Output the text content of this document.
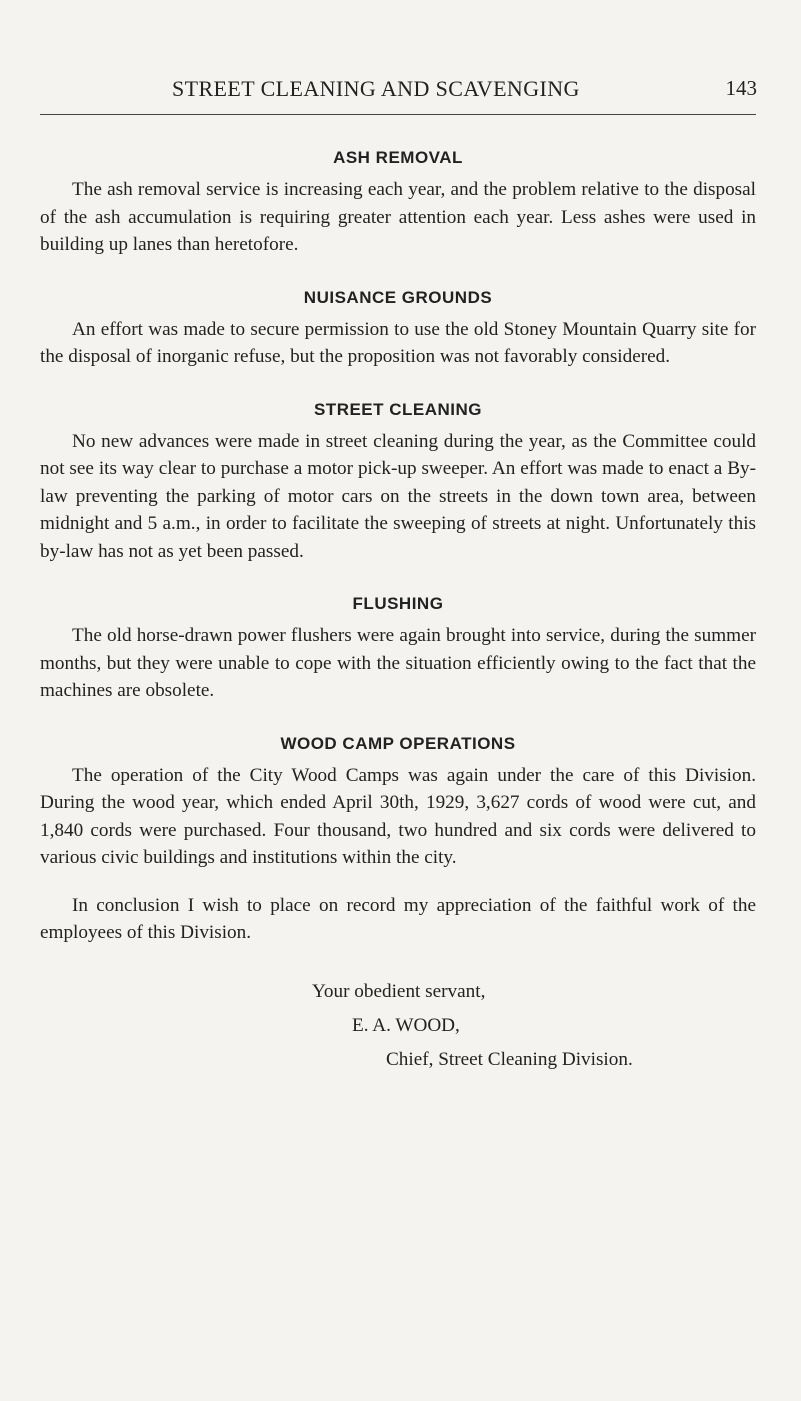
STREET CLEANING AND SCAVENGING	143
ASH REMOVAL

The ash removal service is increasing each year, and the problem relative to the disposal of the ash accumulation is requiring greater attention each year. Less ashes were used in building up lanes than heretofore.

NUISANCE GROUNDS

An effort was made to secure permission to use the old Stoney Mountain Quarry site for the disposal of inorganic refuse, but the proposition was not favorably considered.

STREET CLEANING

No new advances were made in street cleaning during the year, as the Committee could not see its way clear to purchase a motor pick-up sweeper. An effort was made to enact a By-law preventing the parking of motor cars on the streets in the down town area, between midnight and 5 a.m., in order to facilitate the sweeping of streets at night. Unfortunately this by-law has not as yet been passed.

FLUSHING

The old horse-drawn power flushers were again brought into service, during the summer months, but they were unable to cope with the situation efficiently owing to the fact that the machines are obsolete.

WOOD CAMP OPERATIONS

The operation of the City Wood Camps was again under the care of this Division. During the wood year, which ended April 30th, 1929, 3,627 cords of wood were cut, and 1,840 cords were purchased. Four thousand, two hundred and six cords were delivered to various civic buildings and institutions within the city.

In conclusion I wish to place on record my appreciation of the faithful work of the employees of this Division.

Your obedient servant,
E. A. WOOD,
Chief, Street Cleaning Division.
